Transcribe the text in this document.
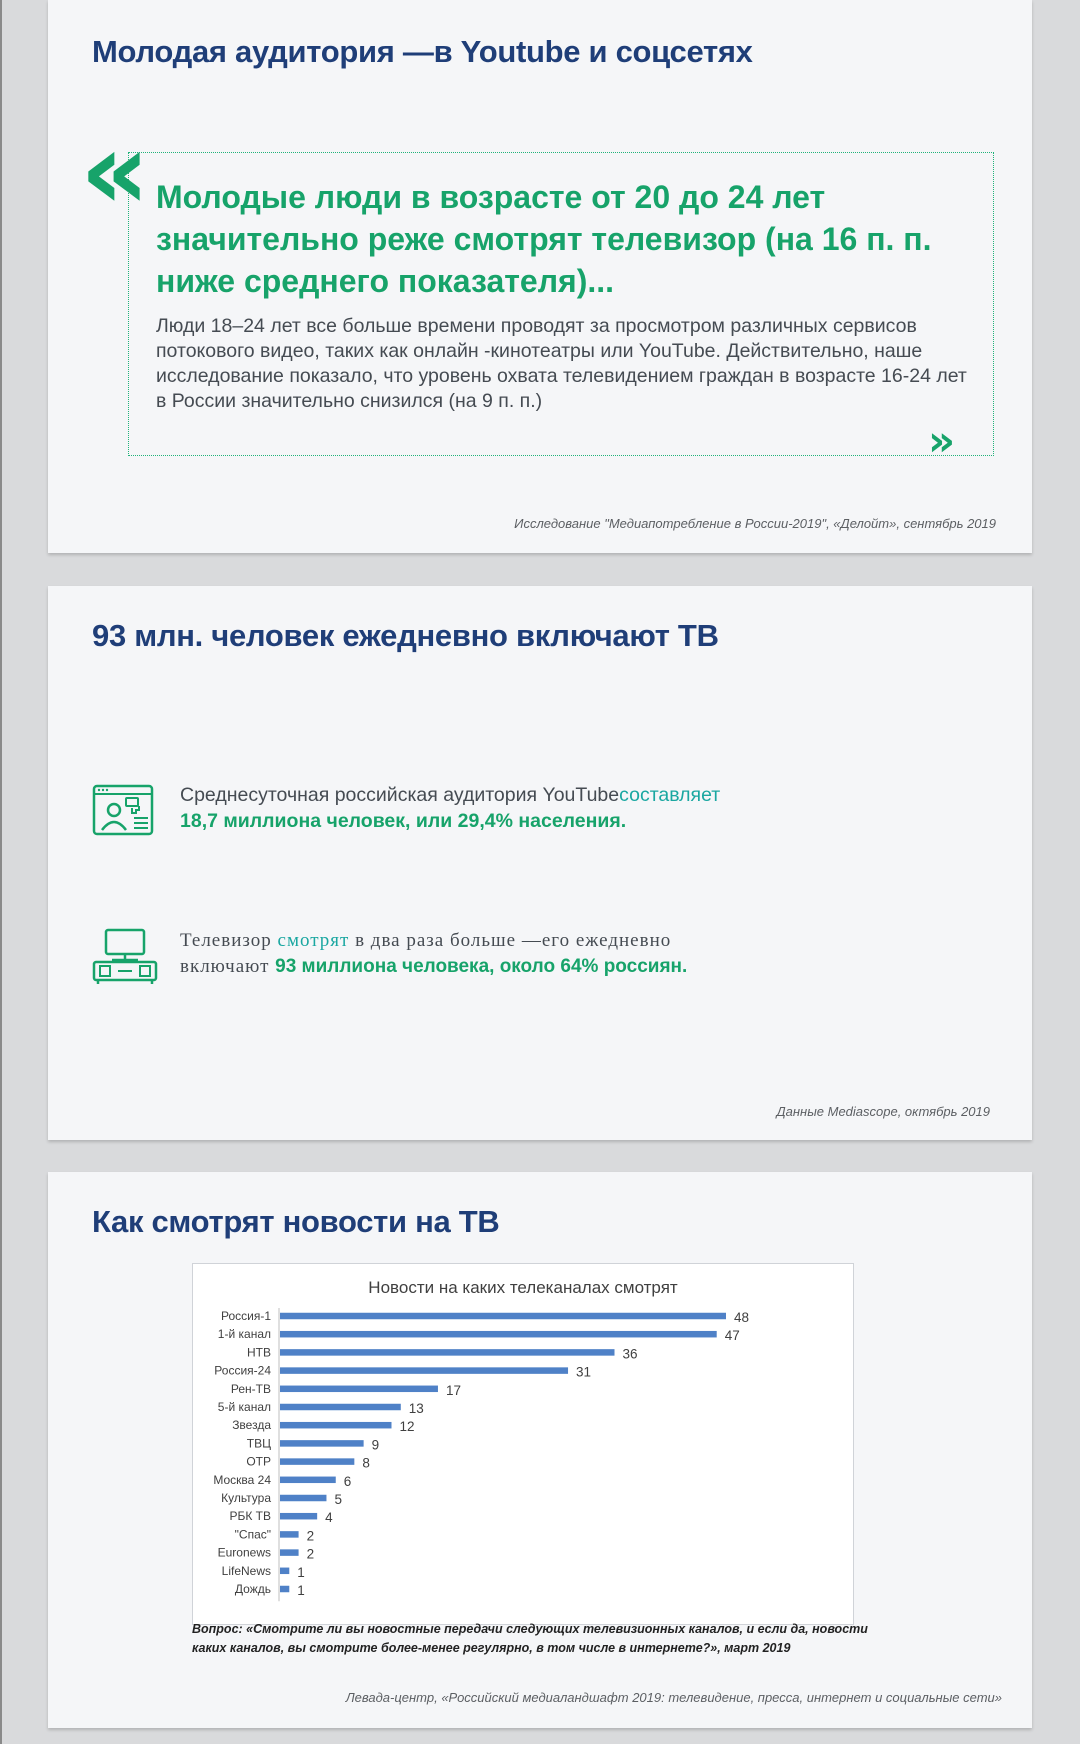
Молодая аудитория —в Youtube и соцсетях
« Молодые люди в возрасте от 20 до 24 лет значительно реже смотрят телевизор (на 16 п. п. ниже среднего показателя)...

Люди 18–24 лет все больше времени проводят за просмотром различных сервисов потокового видео, таких как онлайн -кинотеатры или YouTube. Действительно, наше исследование показало, что уровень охвата телевидением граждан в возрасте 16-24 лет в России значительно снизился (на 9 п. п.)

»
Исследование "Медиапотребление в России-2019", «Делойт», сентябрь 2019
93 млн. человек ежедневно включают ТВ
Среднесуточная российская аудитория YouTubeсоставляет
18,7 миллиона человек, или 29,4% населения.
Телевизор смотрят в два раза больше —его ежедневно
включают 93 миллиона человека, около 64% россиян.
Данные Mediascope, октябрь 2019
Как смотрят новости на ТВ
Новости на каких телеканалах смотрят
Россия-1	48
1-й канал	47
НТВ	36
Россия-24	31
Рен-ТВ	17
5-й канал	13
Звезда	12
ТВЦ	9
ОТР	8
Москва 24	6
Культура	5
РБК ТВ	4
"Спас"	2
Euronews	2
LifeNews 1
Дождь 1
Вопрос: «Смотрите ли вы новостные передачи следующих телевизионных каналов, и если да, новости
каких каналов, вы смотрите более-менее регулярно, в том числе в интернете?», март 2019
Левада-центр, «Российский медиаландшафт 2019: телевидение, пресса, интернет и социальные сети»
